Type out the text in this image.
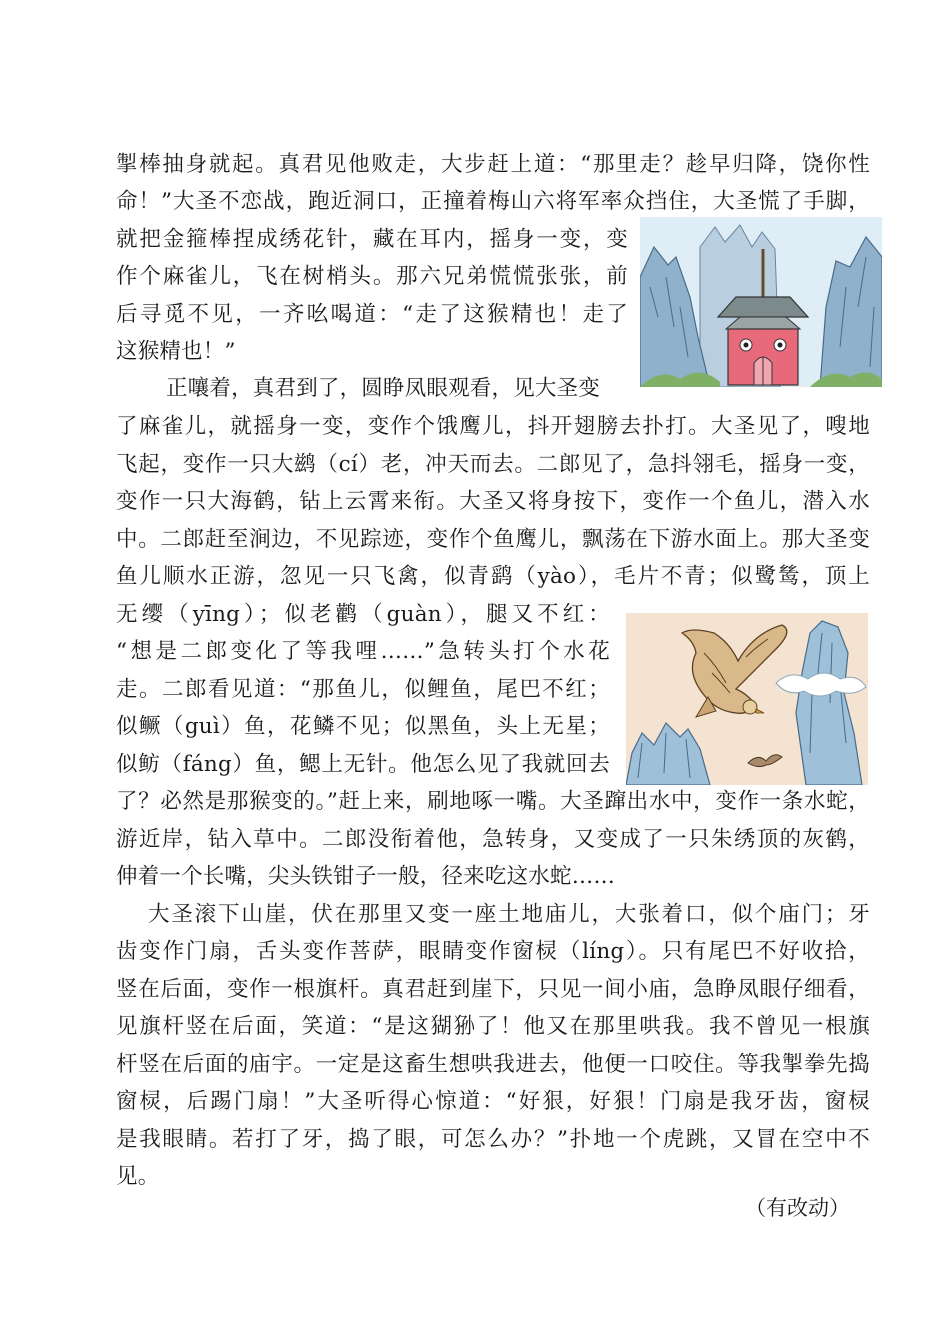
掣棒抽身就起。真君见他败走，大步赶上道：“那里走？趁早归降，饶你性
命！”大圣不恋战，跑近洞口，正撞着梅山六将军率众挡住，大圣慌了手脚，
就把金箍棒捏成绣花针，藏在耳内，摇身一变，变
作个麻雀儿，飞在树梢头。那六兄弟慌慌张张，前
后寻觅不见，一齐吆喝道：“走了这猴精也！走了
这猴精也！”
正嚷着，真君到了，圆睁凤眼观看，见大圣变
了麻雀儿，就摇身一变，变作个饿鹰儿，抖开翅膀去扑打。大圣见了，嗖地
飞起，变作一只大鹚（cí）老，冲天而去。二郎见了，急抖翎毛，摇身一变，
变作一只大海鹤，钻上云霄来衔。大圣又将身按下，变作一个鱼儿，潜入水
中。二郎赶至涧边，不见踪迹，变作个鱼鹰儿，飘荡在下游水面上。那大圣变
鱼儿顺水正游，忽见一只飞禽，似青鹞（yào），毛片不青；似鹭鸶，顶上
无缨（yīng）；似老鹳（guàn），腿又不红：
“想是二郎变化了等我哩……”急转头打个水花
走。二郎看见道：“那鱼儿，似鲤鱼，尾巴不红；
似鳜（guì）鱼，花鳞不见；似黑鱼，头上无星；
似鲂（fáng）鱼，鳃上无针。他怎么见了我就回去
了？必然是那猴变的。”赶上来，刷地啄一嘴。大圣蹿出水中，变作一条水蛇，
游近岸，钻入草中。二郎没衔着他，急转身，又变成了一只朱绣顶的灰鹤，
伸着一个长嘴，尖头铁钳子一般，径来吃这水蛇……
大圣滚下山崖，伏在那里又变一座土地庙儿，大张着口，似个庙门；牙
齿变作门扇，舌头变作菩萨，眼睛变作窗棂（líng）。只有尾巴不好收拾，
竖在后面，变作一根旗杆。真君赶到崖下，只见一间小庙，急睁凤眼仔细看，
见旗杆竖在后面，笑道：“是这猢狲了！他又在那里哄我。我不曾见一根旗
杆竖在后面的庙宇。一定是这畜生想哄我进去，他便一口咬住。等我掣拳先捣
窗棂，后踢门扇！”大圣听得心惊道：“好狠，好狠！门扇是我牙齿，窗棂
是我眼睛。若打了牙，捣了眼，可怎么办？”扑地一个虎跳，又冒在空中不
见。
（有改动）
